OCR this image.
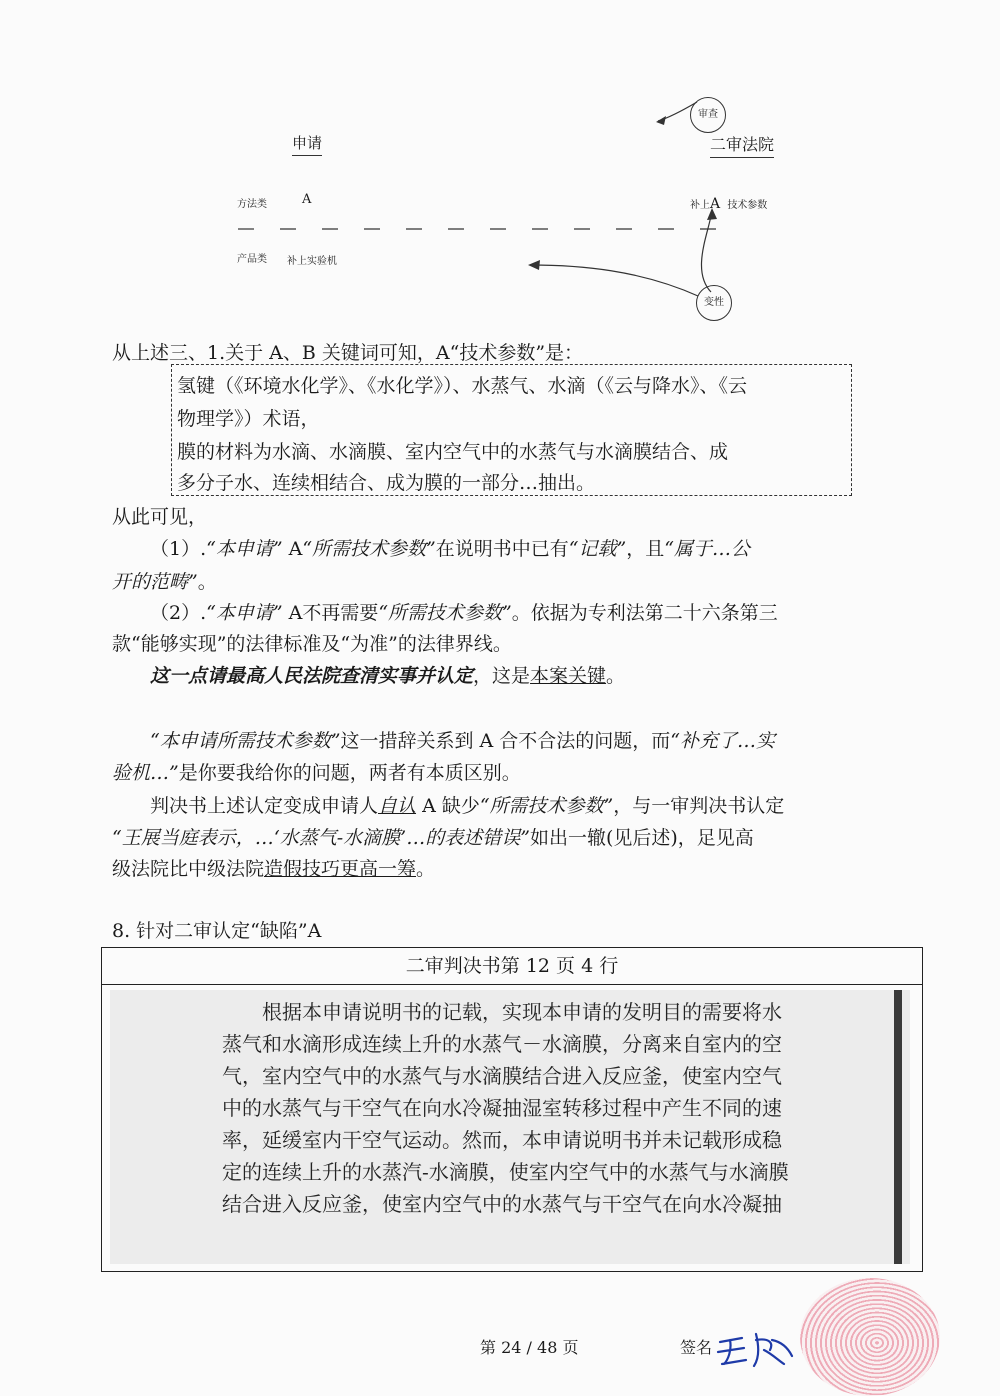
申请	二审法院
审查
变性
方法类	A
产品类 补上实验机
补上A 技术参数
从上述三、1.关于 A、B 关键词可知，A“技术参数”是：
氢键（《环境水化学》、《水化学》）、水蒸气、水滴（《云与降水》、《云
物理学》）术语，
膜的材料为水滴、水滴膜、室内空气中的水蒸气与水滴膜结合、成
多分子水、连续相结合、成为膜的一部分…抽出。
从此可见，
（1）.“本申请” A“所需技术参数”在说明书中已有“记载”，且“属于…公
开的范畴”。
（2）.“本申请” A不再需要“所需技术参数”。依据为专利法第二十六条第三
款“能够实现”的法律标准及“为准”的法律界线。
这一点请最高人民法院查清实事并认定，这是本案关键。
“本申请所需技术参数”这一措辞关系到 A 合不合法的问题，而“补充了…实
验机…”是你要我给你的问题，两者有本质区别。
判决书上述认定变成申请人自认 A 缺少“所需技术参数”，与一审判决书认定
“王展当庭表示，…‘水蒸气-水滴膜’…的表述错误”如出一辙(见后述)，足见高
级法院比中级法院造假技巧更高一筹。
8. 针对二审认定“缺陷”A
二审判决书第 12 页 4 行
根据本申请说明书的记载，实现本申请的发明目的需要将水
蒸气和水滴形成连续上升的水蒸气－水滴膜，分离来自室内的空
气，室内空气中的水蒸气与水滴膜结合进入反应釜，使室内空气
中的水蒸气与干空气在向水冷凝抽湿室转移过程中产生不同的速
率，延缓室内干空气运动。然而，本申请说明书并未记载形成稳
定的连续上升的水蒸汽-水滴膜，使室内空气中的水蒸气与水滴膜
结合进入反应釜，使室内空气中的水蒸气与干空气在向水冷凝抽
第 24 / 48 页	签名
